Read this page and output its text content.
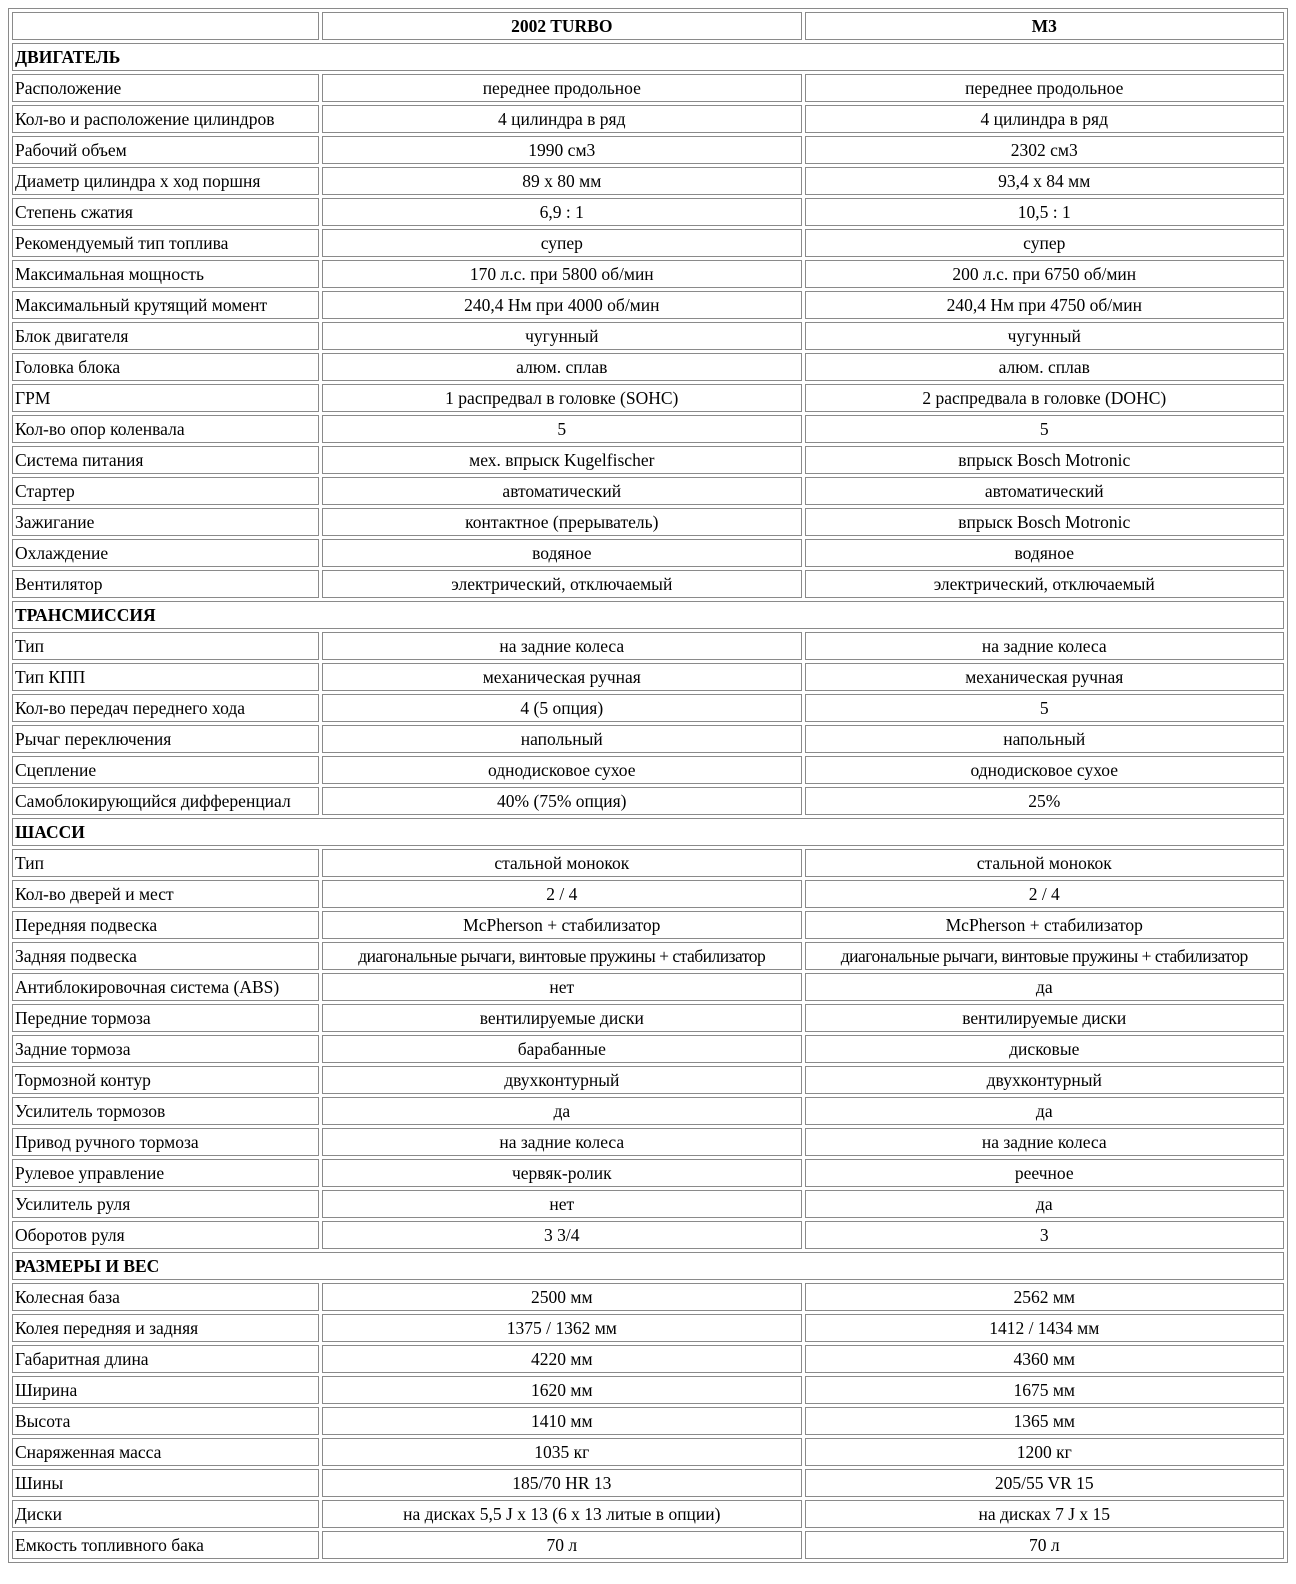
	2002 TURBO	M3
ДВИГАТЕЛЬ		
Расположение	переднее продольное	переднее продольное
Кол-во и расположение цилиндров	4 цилиндра в ряд	4 цилиндра в ряд
Рабочий объем	1990 см3	2302 см3
Диаметр цилиндра x ход поршня	89 x 80 мм	93,4 x 84 мм
Степень сжатия	6,9 : 1	10,5 : 1
Рекомендуемый тип топлива	супер	супер
Максимальная мощность	170 л.с. при 5800 об/мин	200 л.с. при 6750 об/мин
Максимальный крутящий момент	240,4 Нм при 4000 об/мин	240,4 Нм при 4750 об/мин
Блок двигателя	чугунный	чугунный
Головка блока	алюм. сплав	алюм. сплав
ГРМ	1 распредвал в головке (SOHC)	2 распредвала в головке (DOHC)
Кол-во опор коленвала	5	5
Система питания	мех. впрыск Kugelfischer	впрыск Bosch Motronic
Стартер	автоматический	автоматический
Зажигание	контактное (прерыватель)	впрыск Bosch Motronic
Охлаждение	водяное	водяное
Вентилятор	электрический, отключаемый	электрический, отключаемый
ТРАНСМИССИЯ		
Тип	на задние колеса	на задние колеса
Тип КПП	механическая ручная	механическая ручная
Кол-во передач переднего хода	4 (5 опция)	5
Рычаг переключения	напольный	напольный
Сцепление	однодисковое сухое	однодисковое сухое
Самоблокирующийся дифференциал	40% (75% опция)	25%
ШАССИ		
Тип	стальной монокок	стальной монокок
Кол-во дверей и мест	2 / 4	2 / 4
Передняя подвеска	McPherson + стабилизатор	McPherson + стабилизатор
Задняя подвеска	диагональные рычаги, винтовые пружины + стабилизатор	диагональные рычаги, винтовые пружины + стабилизатор
Антиблокировочная система (ABS)	нет	да
Передние тормоза	вентилируемые диски	вентилируемые диски
Задние тормоза	барабанные	дисковые
Тормозной контур	двухконтурный	двухконтурный
Усилитель тормозов	да	да
Привод ручного тормоза	на задние колеса	на задние колеса
Рулевое управление	червяк-ролик	реечное
Усилитель руля	нет	да
Оборотов руля	3 3/4	3
РАЗМЕРЫ И ВЕС		
Колесная база	2500 мм	2562 мм
Колея передняя и задняя	1375 / 1362 мм	1412 / 1434 мм
Габаритная длина	4220 мм	4360 мм
Ширина	1620 мм	1675 мм
Высота	1410 мм	1365 мм
Снаряженная масса	1035 кг	1200 кг
Шины	185/70 HR 13	205/55 VR 15
Диски	на дисках 5,5 J x 13 (6 x 13 литые в опции)	на дисках 7 J x 15
Емкость топливного бака	70 л	70 л
